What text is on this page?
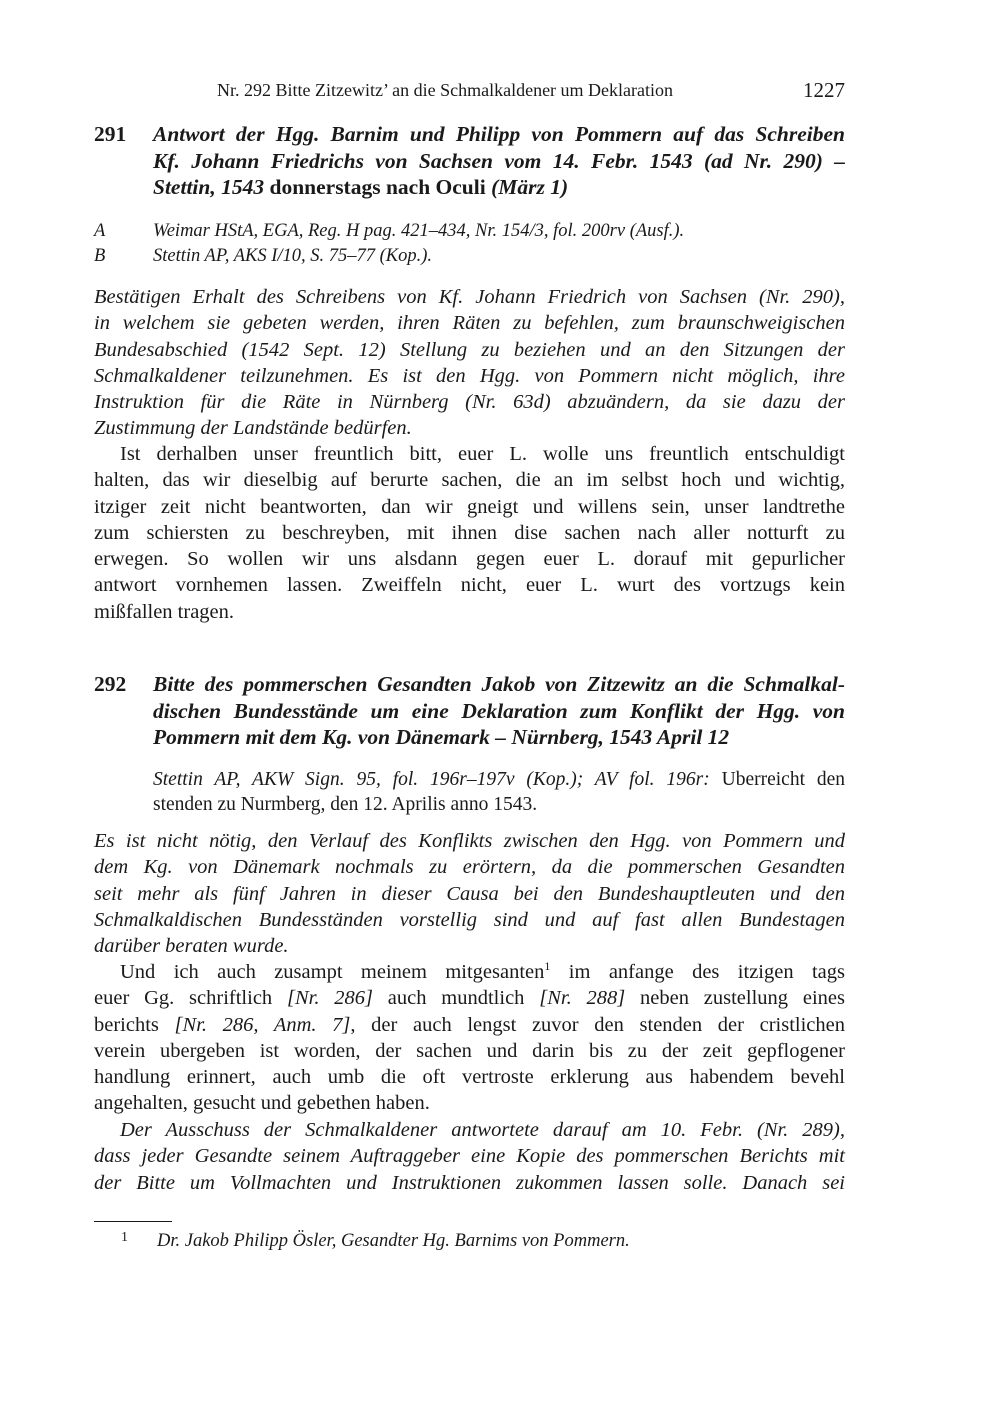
Nr. 292 Bitte Zitzewitz’ an die Schmalkaldener um Deklaration	1227
291 Antwort der Hgg. Barnim und Philipp von Pommern auf das Schreiben
Kf. Johann Friedrichs von Sachsen vom 14. Febr. 1543 (ad Nr. 290) –
Stettin, 1543 donnerstags nach Oculi (März 1)
A	Weimar HStA, EGA, Reg. H pag. 421–434, Nr. 154/3, fol. 200rv (Ausf.).
B	Stettin AP, AKS I/10, S. 75–77 (Kop.).
Bestätigen Erhalt des Schreibens von Kf. Johann Friedrich von Sachsen (Nr. 290),
in welchem sie gebeten werden, ihren Räten zu befehlen, zum braunschweigischen
Bundesabschied (1542 Sept. 12) Stellung zu beziehen und an den Sitzungen der
Schmalkaldener teilzunehmen. Es ist den Hgg. von Pommern nicht möglich, ihre
Instruktion für die Räte in Nürnberg (Nr. 63d) abzuändern, da sie dazu der
Zustimmung der Landstände bedürfen.
Ist derhalben unser freuntlich bitt, euer L. wolle uns freuntlich entschuldigt
halten, das wir dieselbig auf berurte sachen, die an im selbst hoch und wichtig,
itziger zeit nicht beantworten, dan wir gneigt und willens sein, unser landtrethe
zum schiersten zu beschreyben, mit ihnen dise sachen nach aller notturft zu
erwegen. So wollen wir uns alsdann gegen euer L. dorauf mit gepurlicher
antwort vornhemen lassen. Zweiffeln nicht, euer L. wurt des vortzugs kein
mißfallen tragen.
292 Bitte des pommerschen Gesandten Jakob von Zitzewitz an die Schmalkal-
dischen Bundesstände um eine Deklaration zum Konflikt der Hgg. von
Pommern mit dem Kg. von Dänemark – Nürnberg, 1543 April 12
Stettin AP, AKW Sign. 95, fol. 196r–197v (Kop.); AV fol. 196r: Uberreicht den
stenden zu Nurmberg, den 12. Aprilis anno 1543.
Es ist nicht nötig, den Verlauf des Konflikts zwischen den Hgg. von Pommern und
dem Kg. von Dänemark nochmals zu erörtern, da die pommerschen Gesandten
seit mehr als fünf Jahren in dieser Causa bei den Bundeshauptleuten und den
Schmalkaldischen Bundesständen vorstellig sind und auf fast allen Bundestagen
darüber beraten wurde.
Und ich auch zusampt meinem mitgesanten$^1$ im anfange des itzigen tags
euer Gg. schriftlich [Nr. 286] auch mundtlich [Nr. 288] neben zustellung eines
berichts [Nr. 286, Anm. 7], der auch lengst zuvor den stenden der cristlichen
verein ubergeben ist worden, der sachen und darin bis zu der zeit gepflogener
handlung erinnert, auch umb die oft vertroste erklerung aus habendem bevehl
angehalten, gesucht und gebethen haben.
Der Ausschuss der Schmalkaldener antwortete darauf am 10. Febr. (Nr. 289),
dass jeder Gesandte seinem Auftraggeber eine Kopie des pommerschen Berichts mit
der Bitte um Vollmachten und Instruktionen zukommen lassen solle. Danach sei
1 Dr. Jakob Philipp Ösler, Gesandter Hg. Barnims von Pommern.
